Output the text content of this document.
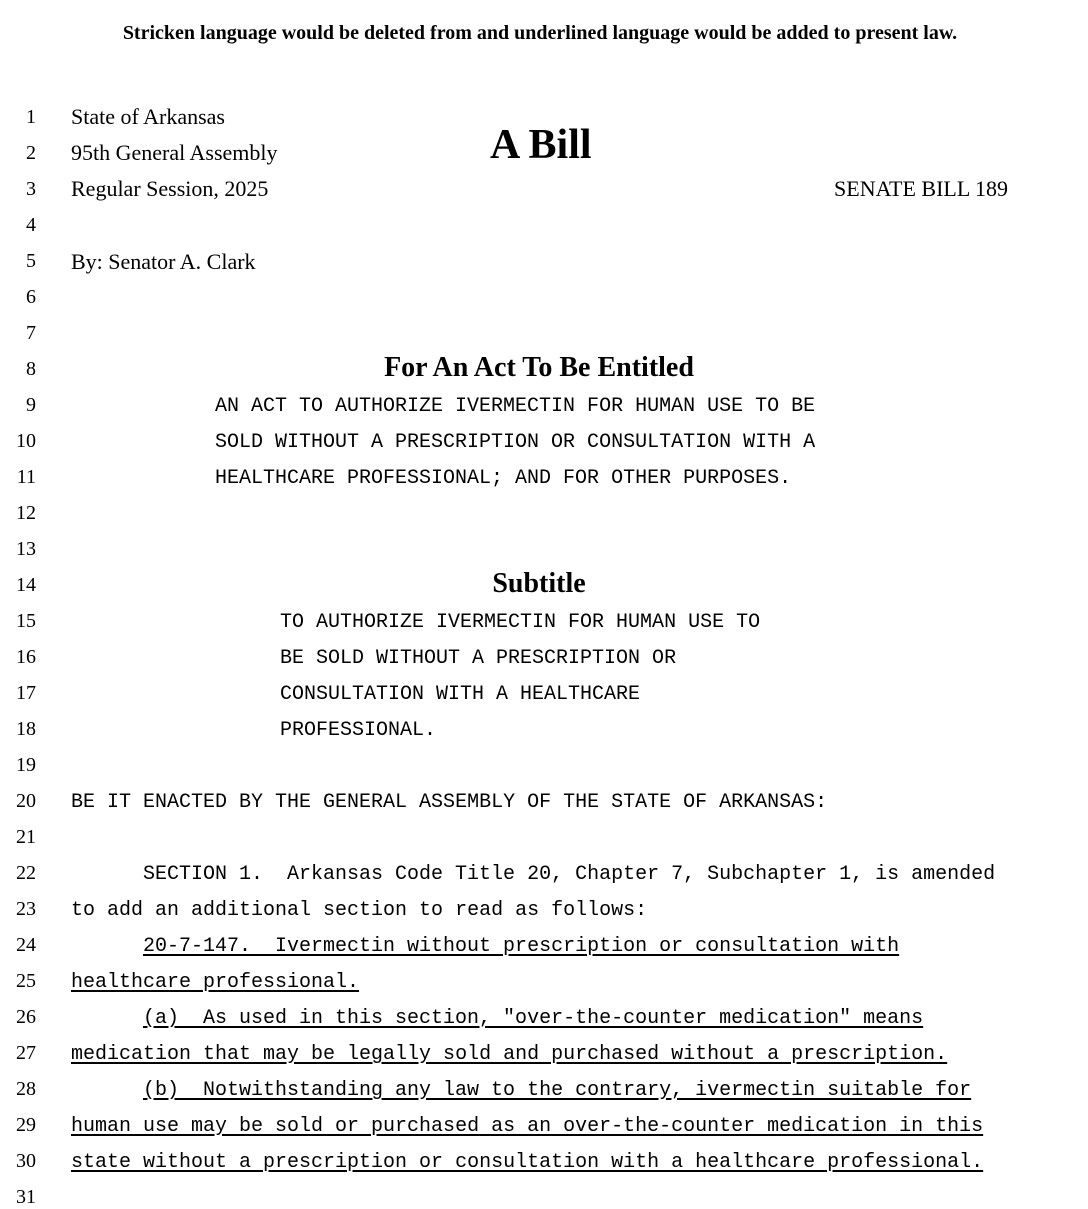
Stricken language would be deleted from and underlined language would be added to present law.
1
2
3
4
5
6
7
8
9
10
11
12
13
14
15
16
17
18
19
20
21
22
23
24
25
26
27
28
29
30
31
State of Arkansas
95th General Assembly
Regular Session, 2025
A Bill
SENATE BILL 189
By: Senator A. Clark
For An Act To Be Entitled
AN ACT TO AUTHORIZE IVERMECTIN FOR HUMAN USE TO BE
SOLD WITHOUT A PRESCRIPTION OR CONSULTATION WITH A
HEALTHCARE PROFESSIONAL; AND FOR OTHER PURPOSES.
Subtitle
TO AUTHORIZE IVERMECTIN FOR HUMAN USE TO
BE SOLD WITHOUT A PRESCRIPTION OR
CONSULTATION WITH A HEALTHCARE
PROFESSIONAL.
BE IT ENACTED BY THE GENERAL ASSEMBLY OF THE STATE OF ARKANSAS:
SECTION 1.  Arkansas Code Title 20, Chapter 7, Subchapter 1, is amended
to add an additional section to read as follows:
20-7-147.  Ivermectin without prescription or consultation with
healthcare professional.
(a)  As used in this section, "over-the-counter medication" means
medication that may be legally sold and purchased without a prescription.
(b)  Notwithstanding any law to the contrary, ivermectin suitable for
human use may be sold or purchased as an over-the-counter medication in this
state without a prescription or consultation with a healthcare professional.
